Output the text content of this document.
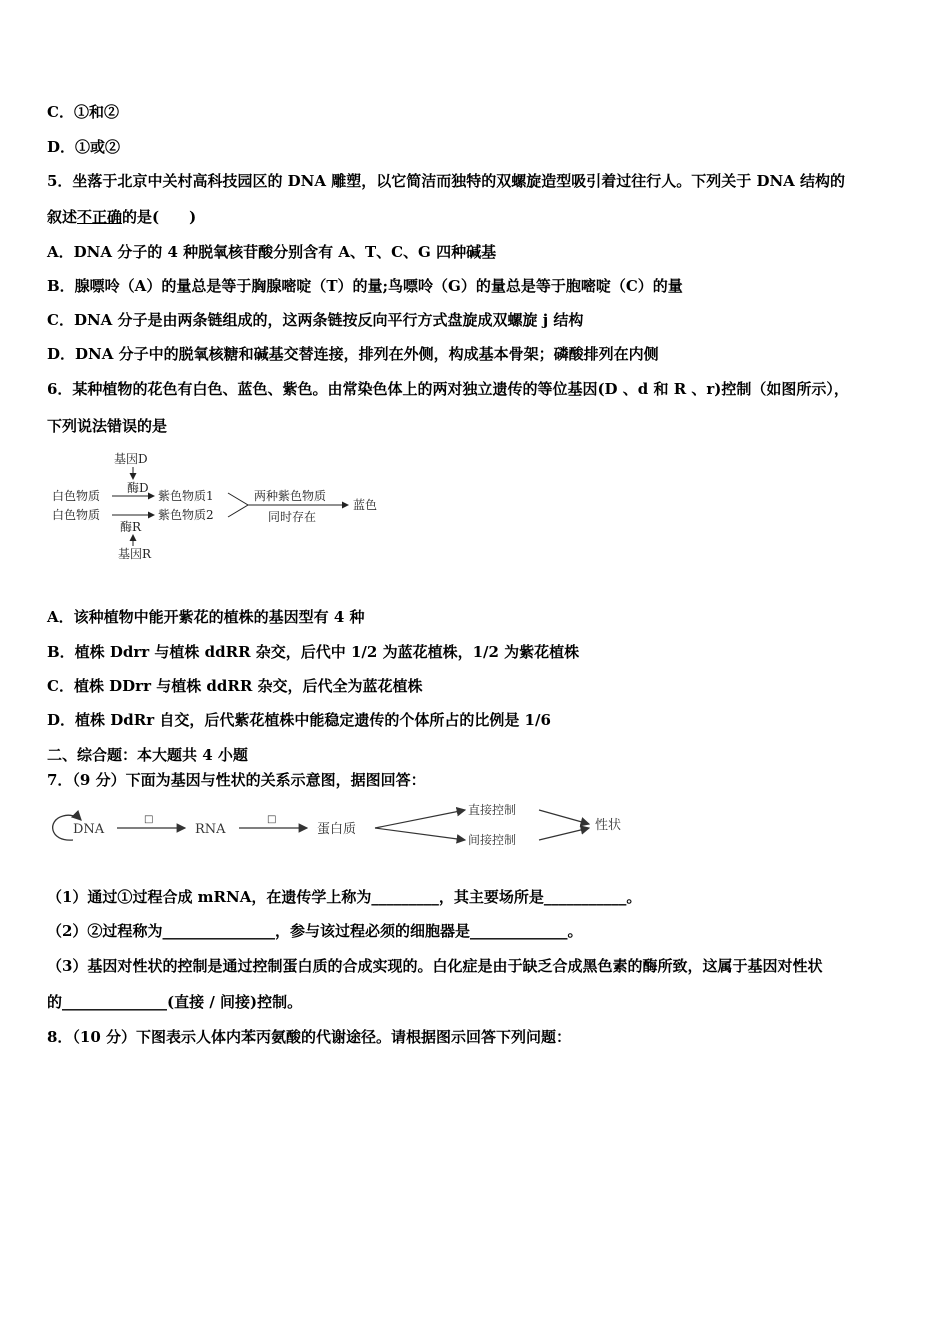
C．①和②
D．①或②
5．坐落于北京中关村高科技园区的 DNA 雕塑，以它简洁而独特的双螺旋造型吸引着过往行人。下列关于 DNA 结构的
叙述不正确的是(　　)
A．DNA 分子的 4 种脱氧核苷酸分别含有 A、T、C、G 四种碱基
B．腺嘌呤（A）的量总是等于胸腺嘧啶（T）的量;鸟嘌呤（G）的量总是等于胞嘧啶（C）的量
C．DNA 分子是由两条链组成的，这两条链按反向平行方式盘旋成双螺旋 j 结构
D．DNA 分子中的脱氧核糖和碱基交替连接，排列在外侧，构成基本骨架；磷酸排列在内侧
6．某种植物的花色有白色、蓝色、紫色。由常染色体上的两对独立遗传的等位基因(D 、d 和 R 、r)控制（如图所示），
下列说法错误的是
基因D
酶D
白色物质
白色物质
紫色物质1
紫色物质2
酶R
基因R
两种紫色物质
同时存在
蓝色
A．该种植物中能开紫花的植株的基因型有 4 种
B．植株 Ddrr 与植株 ddRR 杂交，后代中 1/2 为蓝花植株，1/2 为紫花植株
C．植株 DDrr 与植株 ddRR 杂交，后代全为蓝花植株
D．植株 DdRr 自交，后代紫花植株中能稳定遗传的个体所占的比例是 1/6
二、综合题：本大题共 4 小题
7．（9 分）下面为基因与性状的关系示意图，据图回答：
DNA
□
RNA
□
蛋白质
直接控制
间接控制
性状
（1）通过①过程合成 mRNA，在遗传学上称为_________，其主要场所是___________。
（2）②过程称为_______________，参与该过程必须的细胞器是_____________。
（3）基因对性状的控制是通过控制蛋白质的合成实现的。白化症是由于缺乏合成黑色素的酶所致，这属于基因对性状
的______________(直接 / 间接)控制。
8．（10 分）下图表示人体内苯丙氨酸的代谢途径。请根据图示回答下列问题：
